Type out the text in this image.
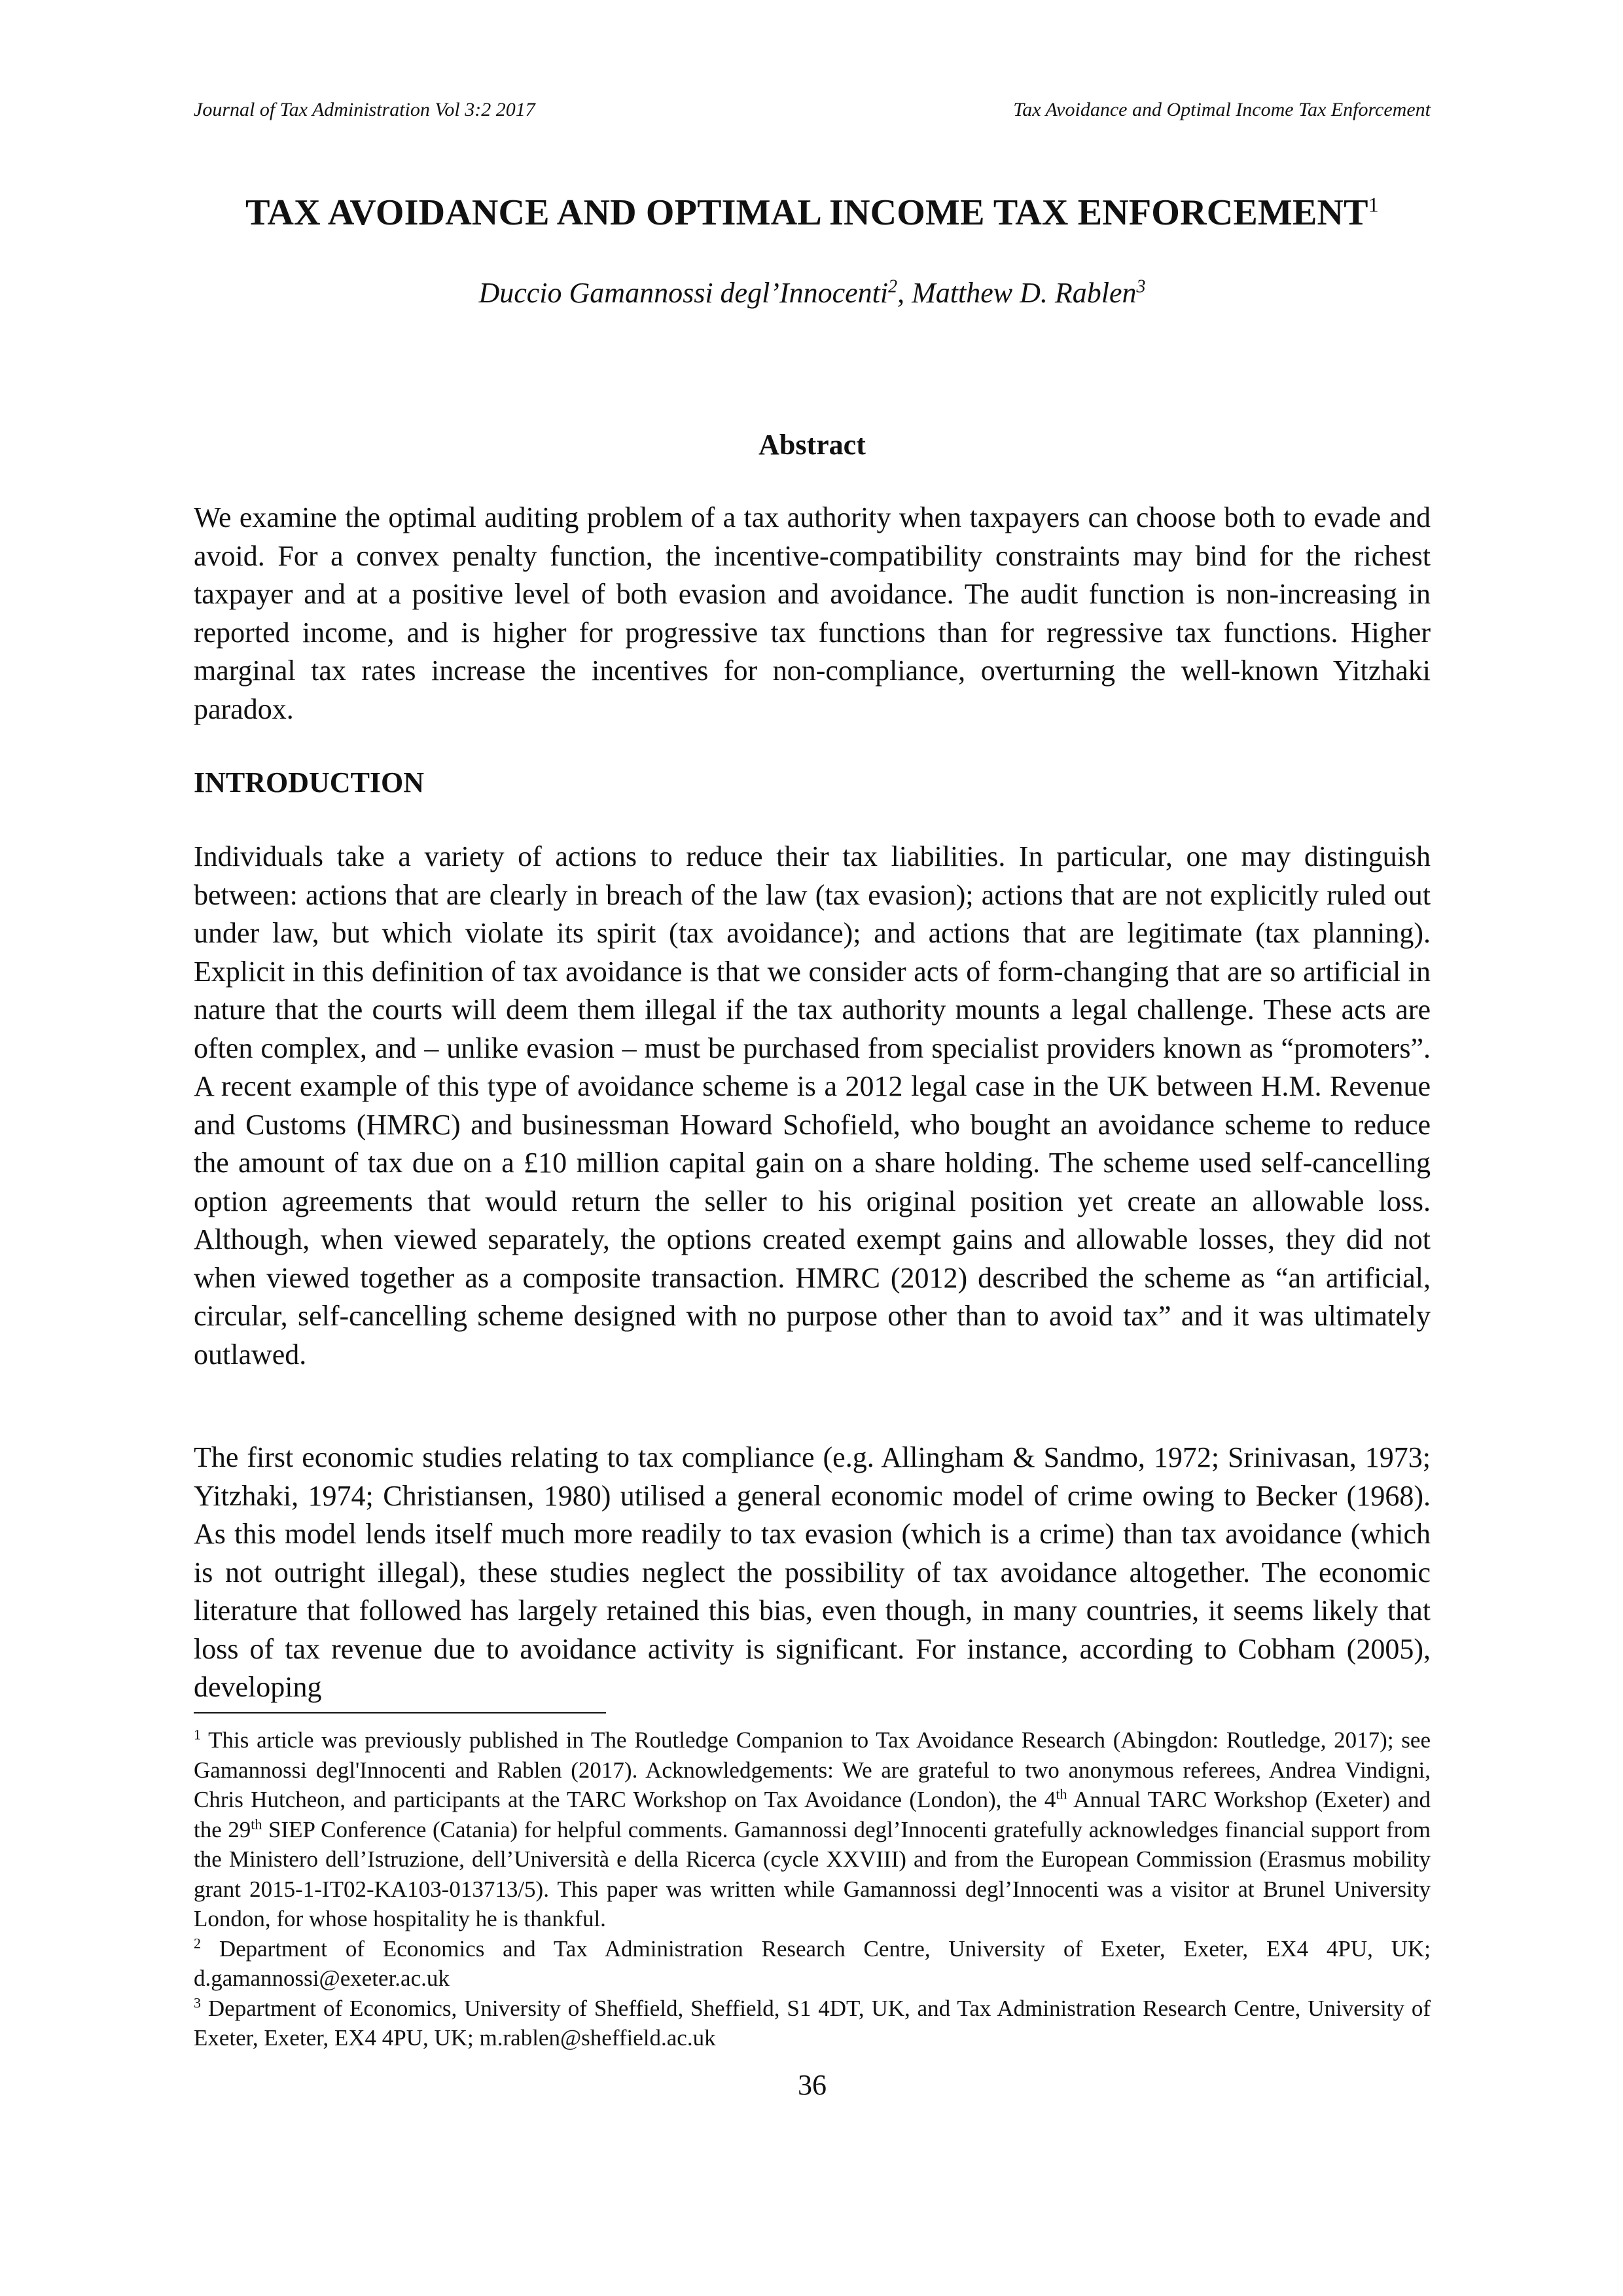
Journal of Tax Administration Vol 3:2 2017	Tax Avoidance and Optimal Income Tax Enforcement
TAX AVOIDANCE AND OPTIMAL INCOME TAX ENFORCEMENT$^1$
Duccio Gamannossi degl’Innocenti$^2$, Matthew D. Rablen$^3$
Abstract

We examine the optimal auditing problem of a tax authority when taxpayers can choose both to evade and avoid. For a convex penalty function, the incentive-compatibility constraints may bind for the richest taxpayer and at a positive level of both evasion and avoidance. The audit function is non-increasing in reported income, and is higher for progressive tax functions than for regressive tax functions. Higher marginal tax rates increase the incentives for non-compliance, overturning the well-known Yitzhaki paradox.

INTRODUCTION

Individuals take a variety of actions to reduce their tax liabilities. In particular, one may distinguish between: actions that are clearly in breach of the law (tax evasion); actions that are not explicitly ruled out under law, but which violate its spirit (tax avoidance); and actions that are legitimate (tax planning). Explicit in this definition of tax avoidance is that we consider acts of form-changing that are so artificial in nature that the courts will deem them illegal if the tax authority mounts a legal challenge. These acts are often complex, and – unlike evasion – must be purchased from specialist providers known as “promoters”. A recent example of this type of avoidance scheme is a 2012 legal case in the UK between H.M. Revenue and Customs (HMRC) and businessman Howard Schofield, who bought an avoidance scheme to reduce the amount of tax due on a £10 million capital gain on a share holding. The scheme used self-cancelling option agreements that would return the seller to his original position yet create an allowable loss. Although, when viewed separately, the options created exempt gains and allowable losses, they did not when viewed together as a composite transaction. HMRC (2012) described the scheme as “an artificial, circular, self-cancelling scheme designed with no purpose other than to avoid tax” and it was ultimately outlawed.

The first economic studies relating to tax compliance (e.g. Allingham & Sandmo, 1972; Srinivasan, 1973; Yitzhaki, 1974; Christiansen, 1980) utilised a general economic model of crime owing to Becker (1968). As this model lends itself much more readily to tax evasion (which is a crime) than tax avoidance (which is not outright illegal), these studies neglect the possibility of tax avoidance altogether. The economic literature that followed has largely retained this bias, even though, in many countries, it seems likely that loss of tax revenue due to avoidance activity is significant. For instance, according to Cobham (2005), developing

$^1$ This article was previously published in The Routledge Companion to Tax Avoidance Research (Abingdon: Routledge, 2017); see Gamannossi degl'Innocenti and Rablen (2017). Acknowledgements: We are grateful to two anonymous referees, Andrea Vindigni, Chris Hutcheon, and participants at the TARC Workshop on Tax Avoidance (London), the 4th Annual TARC Workshop (Exeter) and the 29th SIEP Conference (Catania) for helpful comments. Gamannossi degl’Innocenti gratefully acknowledges financial support from the Ministero dell’Istruzione, dell’Università e della Ricerca (cycle XXVIII) and from the European Commission (Erasmus mobility grant 2015-1-IT02-KA103-013713/5). This paper was written while Gamannossi degl’Innocenti was a visitor at Brunel University London, for whose hospitality he is thankful.

$^2$ Department of Economics and Tax Administration Research Centre, University of Exeter, Exeter, EX4 4PU, UK; d.gamannossi@exeter.ac.uk

$^3$ Department of Economics, University of Sheffield, Sheffield, S1 4DT, UK, and Tax Administration Research Centre, University of Exeter, Exeter, EX4 4PU, UK; m.rablen@sheffield.ac.uk

36
